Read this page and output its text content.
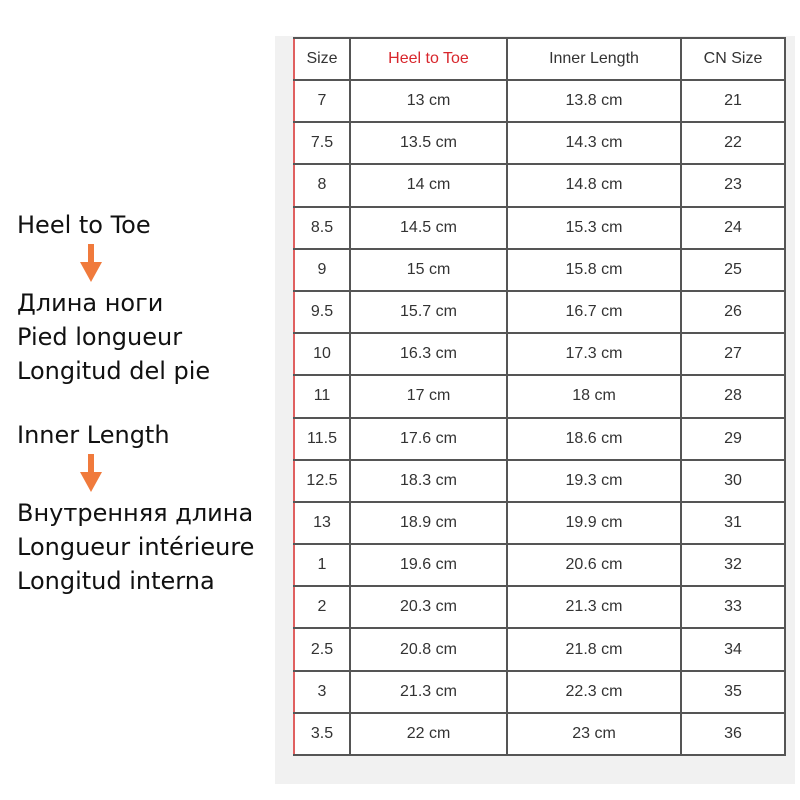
Heel to Toe
Длина ноги
Pied longueur
Longitud del pie
Inner Length
Внутренняя длина
Longueur intérieure
Longitud interna
Size	Heel to Toe	Inner Length	CN Size
7	13 cm	13.8 cm	21
7.5	13.5 cm	14.3 cm	22
8	14 cm	14.8 cm	23
8.5	14.5 cm	15.3 cm	24
9	15 cm	15.8 cm	25
9.5	15.7 cm	16.7 cm	26
10	16.3 cm	17.3 cm	27
11	17 cm	18 cm	28
11.5	17.6 cm	18.6 cm	29
12.5	18.3 cm	19.3 cm	30
13	18.9 cm	19.9 cm	31
1	19.6 cm	20.6 cm	32
2	20.3 cm	21.3 cm	33
2.5	20.8 cm	21.8 cm	34
3	21.3 cm	22.3 cm	35
3.5	22 cm	23 cm	36
